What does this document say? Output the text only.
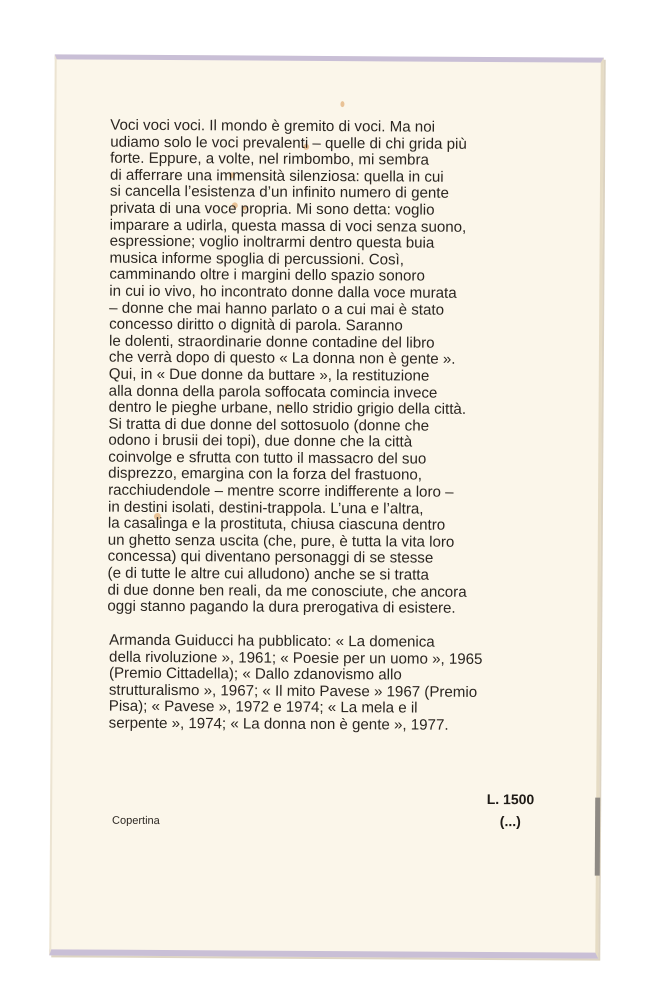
Voci voci voci. Il mondo è gremito di voci. Ma noi
udiamo solo le voci prevalenti – quelle di chi grida più
forte. Eppure, a volte, nel rimbombo, mi sembra
di afferrare una immensità silenziosa: quella in cui
si cancella l’esistenza d’un infinito numero di gente
privata di una voce propria. Mi sono detta: voglio
imparare a udirla, questa massa di voci senza suono,
espressione; voglio inoltrarmi dentro questa buia
musica informe spoglia di percussioni. Così,
camminando oltre i margini dello spazio sonoro
in cui io vivo, ho incontrato donne dalla voce murata
– donne che mai hanno parlato o a cui mai è stato
concesso diritto o dignità di parola. Saranno
le dolenti, straordinarie donne contadine del libro
che verrà dopo di questo « La donna non è gente ».
Qui, in « Due donne da buttare », la restituzione
alla donna della parola soffocata comincia invece
dentro le pieghe urbane, nello stridio grigio della città.
Si tratta di due donne del sottosuolo (donne che
odono i brusii dei topi), due donne che la città
coinvolge e sfrutta con tutto il massacro del suo
disprezzo, emargina con la forza del frastuono,
racchiudendole – mentre scorre indifferente a loro –
in destini isolati, destini-trappola. L’una e l’altra,
la casalinga e la prostituta, chiusa ciascuna dentro
un ghetto senza uscita (che, pure, è tutta la vita loro
concessa) qui diventano personaggi di se stesse
(e di tutte le altre cui alludono) anche se si tratta
di due donne ben reali, da me conosciute, che ancora
oggi stanno pagando la dura prerogativa di esistere.

Armanda Guiducci ha pubblicato: « La domenica
della rivoluzione », 1961; « Poesie per un uomo », 1965
(Premio Cittadella); « Dallo zdanovismo allo
strutturalismo », 1967; « Il mito Pavese » 1967 (Premio
Pisa); « Pavese », 1972 e 1974; « La mela e il
serpente », 1974; « La donna non è gente », 1977.

L. 1500
(...)
Copertina
